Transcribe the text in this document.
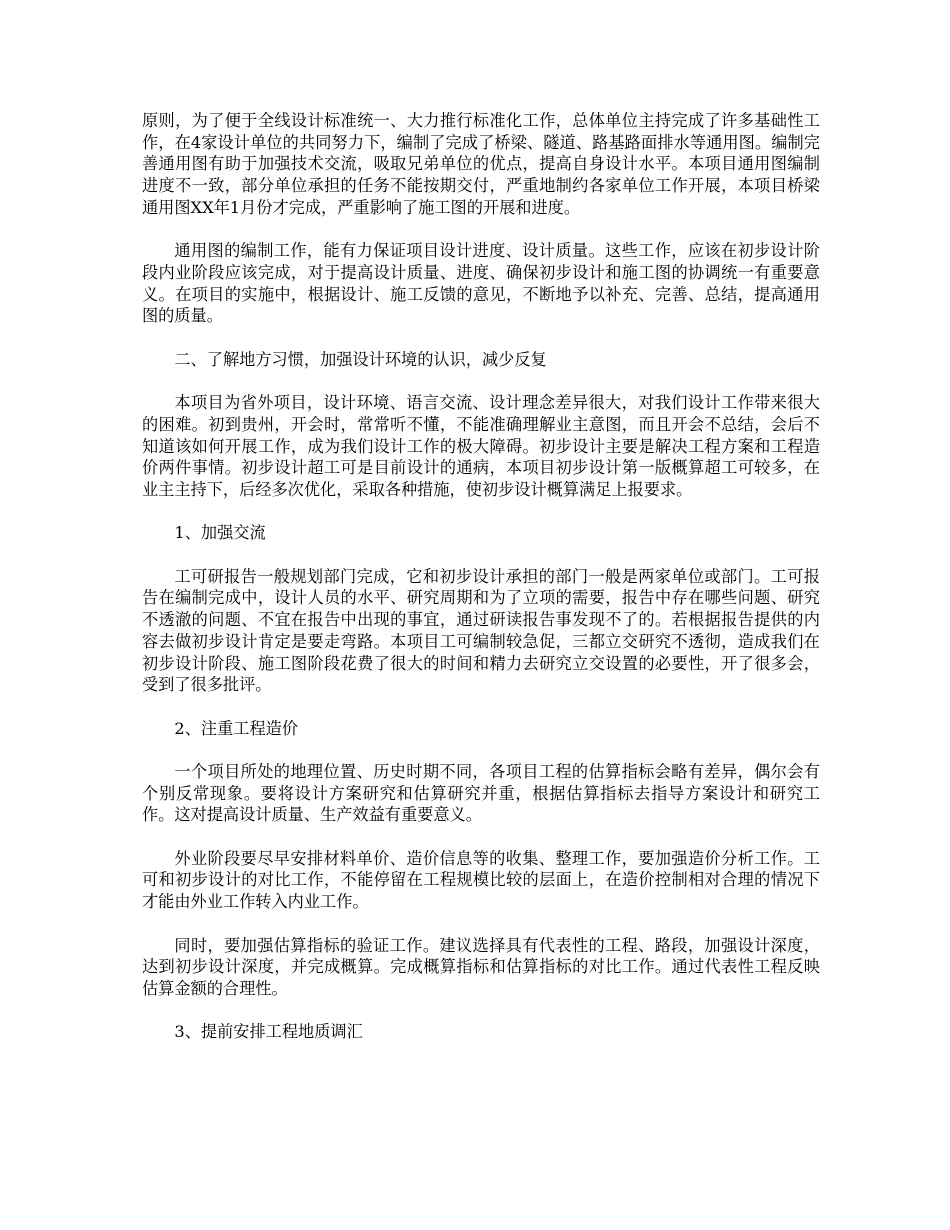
原则，为了便于全线设计标准统一、大力推行标准化工作，总体单位主持完成了许多基础性工作，在4家设计单位的共同努力下，编制了完成了桥梁、隧道、路基路面排水等通用图。编制完善通用图有助于加强技术交流，吸取兄弟单位的优点，提高自身设计水平。本项目通用图编制进度不一致，部分单位承担的任务不能按期交付，严重地制约各家单位工作开展，本项目桥梁通用图XX年1月份才完成，严重影响了施工图的开展和进度。

通用图的编制工作，能有力保证项目设计进度、设计质量。这些工作，应该在初步设计阶段内业阶段应该完成，对于提高设计质量、进度、确保初步设计和施工图的协调统一有重要意义。在项目的实施中，根据设计、施工反馈的意见，不断地予以补充、完善、总结，提高通用图的质量。

二、了解地方习惯，加强设计环境的认识，减少反复

本项目为省外项目，设计环境、语言交流、设计理念差异很大，对我们设计工作带来很大的困难。初到贵州，开会时，常常听不懂，不能准确理解业主意图，而且开会不总结，会后不知道该如何开展工作，成为我们设计工作的极大障碍。初步设计主要是解决工程方案和工程造价两件事情。初步设计超工可是目前设计的通病，本项目初步设计第一版概算超工可较多，在业主主持下，后经多次优化，采取各种措施，使初步设计概算满足上报要求。

1、加强交流

工可研报告一般规划部门完成，它和初步设计承担的部门一般是两家单位或部门。工可报告在编制完成中，设计人员的水平、研究周期和为了立项的需要，报告中存在哪些问题、研究不透澈的问题、不宜在报告中出现的事宜，通过研读报告事发现不了的。若根据报告提供的内容去做初步设计肯定是要走弯路。本项目工可编制较急促，三都立交研究不透彻，造成我们在初步设计阶段、施工图阶段花费了很大的时间和精力去研究立交设置的必要性，开了很多会，受到了很多批评。

2、注重工程造价

一个项目所处的地理位置、历史时期不同，各项目工程的估算指标会略有差异，偶尔会有个别反常现象。要将设计方案研究和估算研究并重，根据估算指标去指导方案设计和研究工作。这对提高设计质量、生产效益有重要意义。

外业阶段要尽早安排材料单价、造价信息等的收集、整理工作，要加强造价分析工作。工可和初步设计的对比工作，不能停留在工程规模比较的层面上，在造价控制相对合理的情况下才能由外业工作转入内业工作。

同时，要加强估算指标的验证工作。建议选择具有代表性的工程、路段，加强设计深度，达到初步设计深度，并完成概算。完成概算指标和估算指标的对比工作。通过代表性工程反映估算金额的合理性。

3、提前安排工程地质调汇
